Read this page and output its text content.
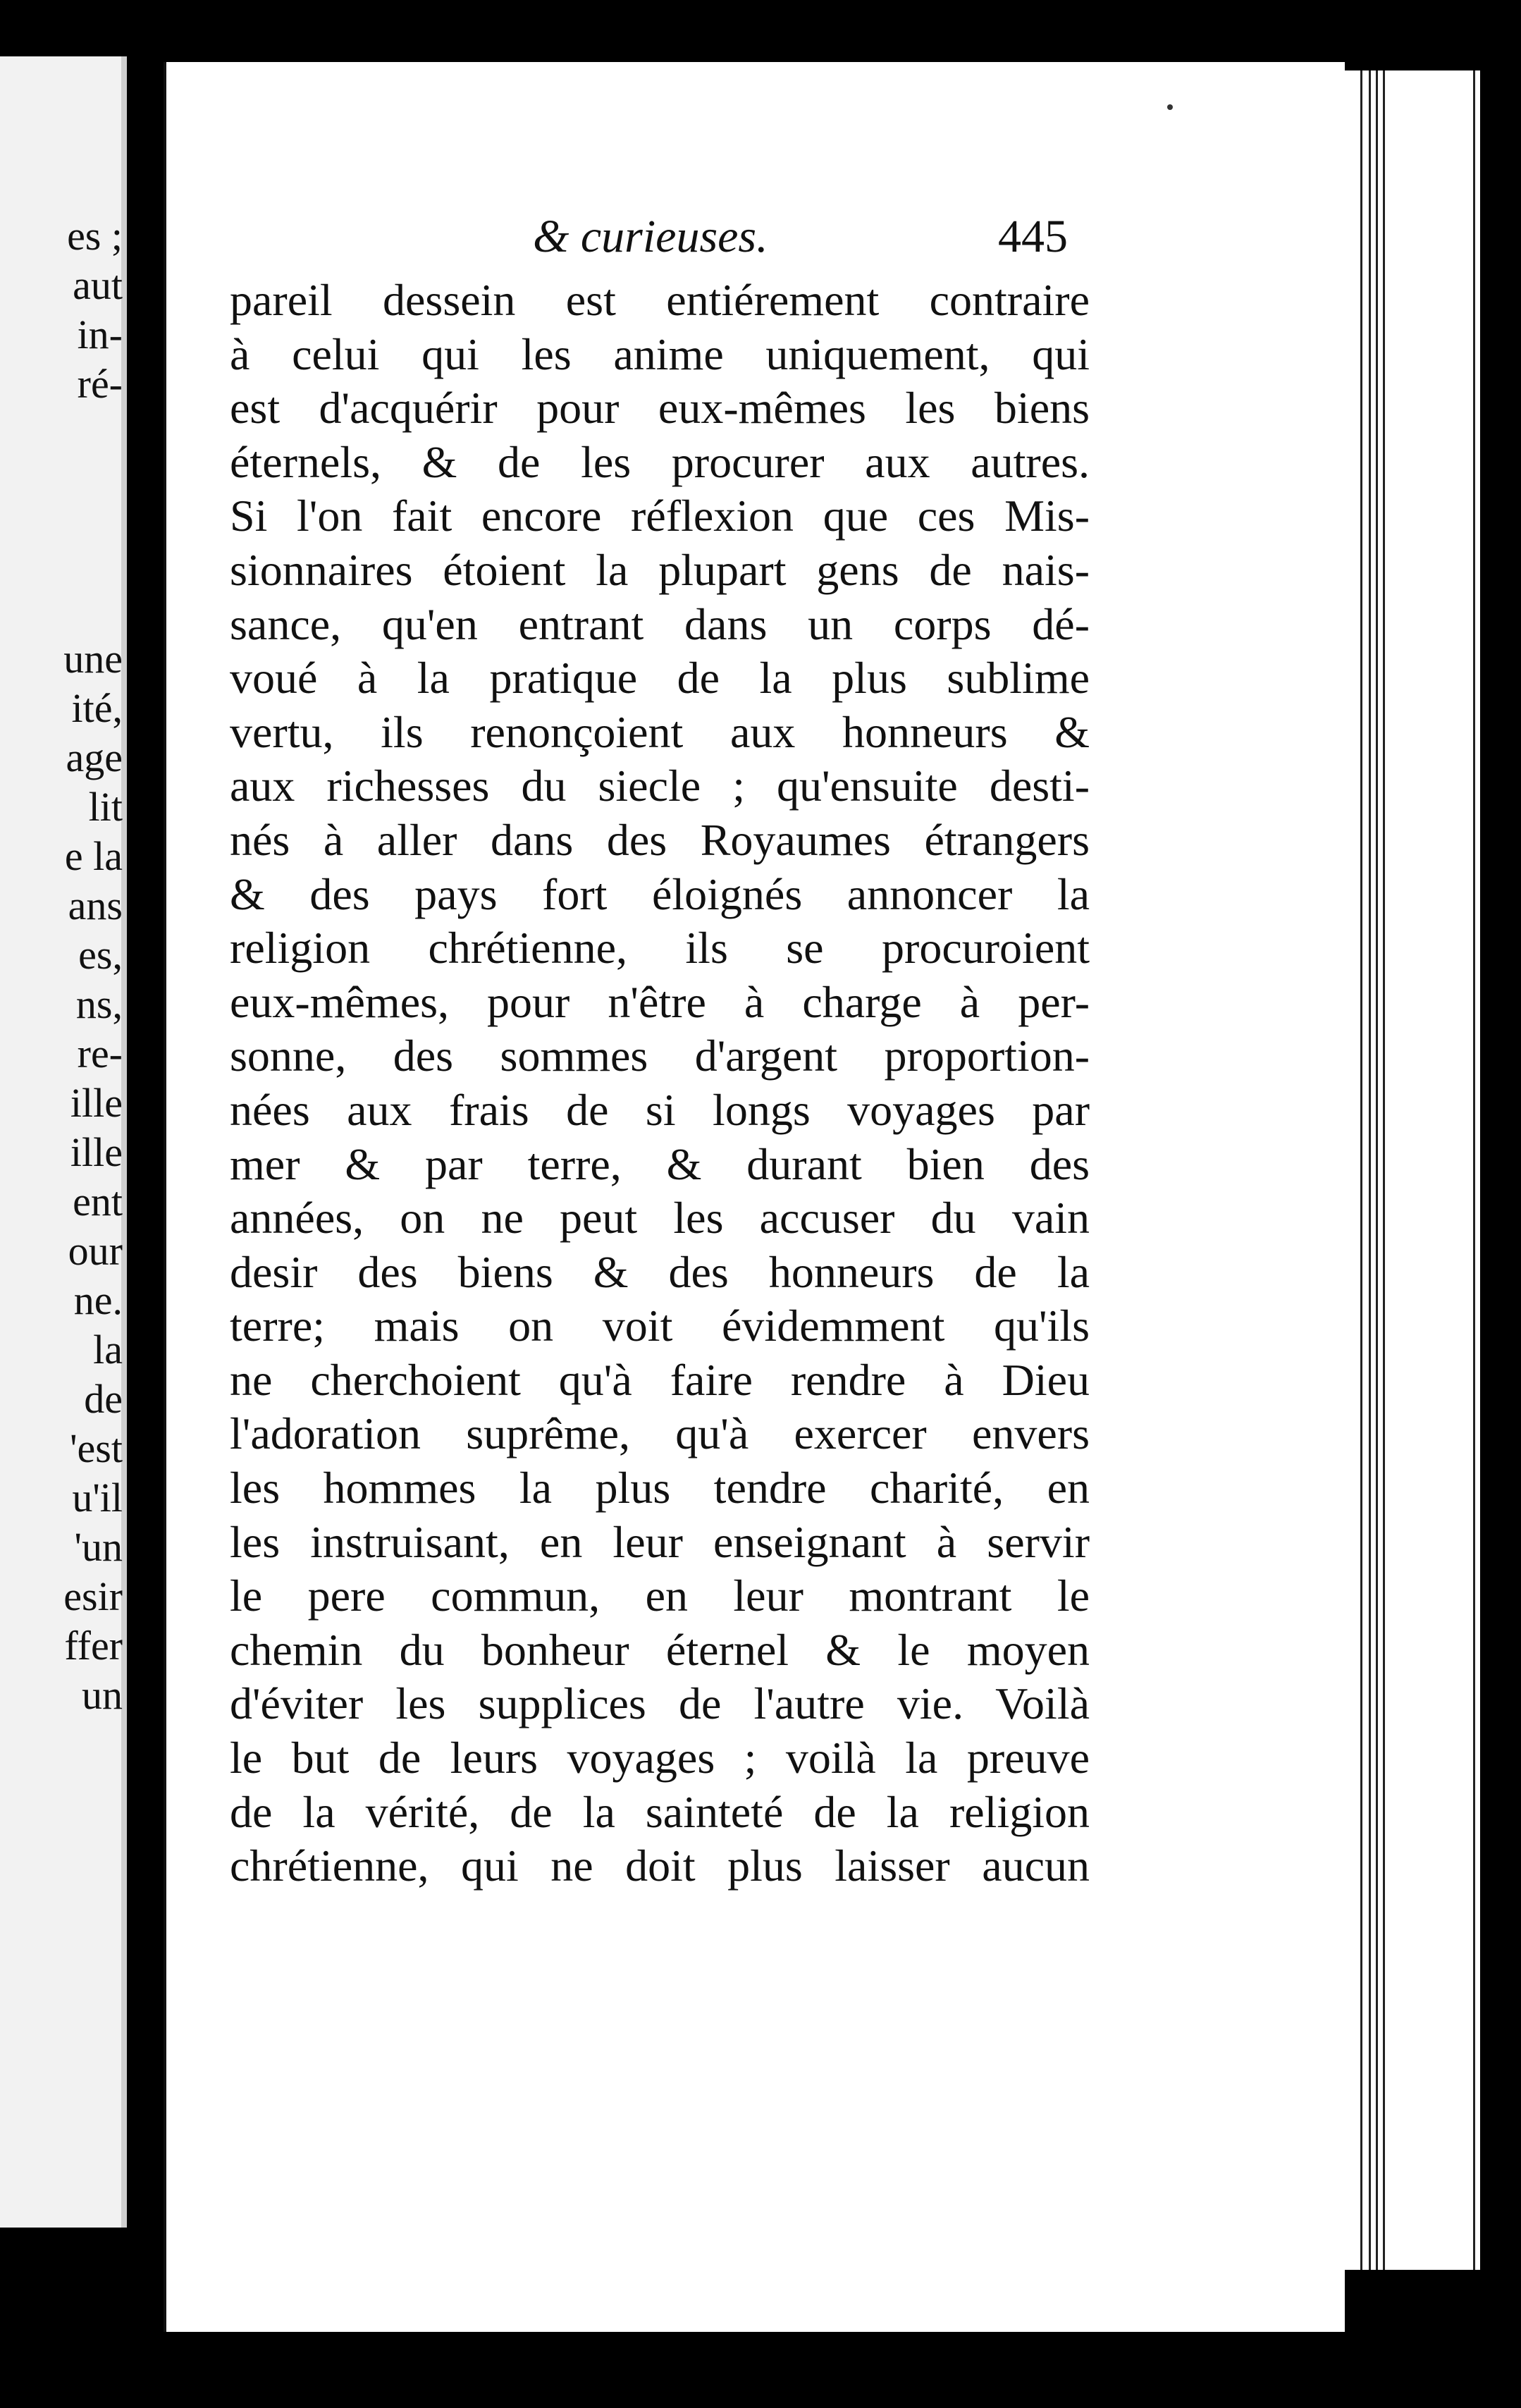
es ;
aut
in-
ré-
une
ité,
age
lit
e la
ans
es,
ns,
re-
ille
ille
ent
our
ne.
la
de
'est
u'il
'un
esir
ffer
un
& curieuses.	445
pareil dessein est entiérement contraire
à celui qui les anime uniquement, qui
est d'acquérir pour eux-mêmes les biens
éternels, & de les procurer aux autres.
Si l'on fait encore réflexion que ces Mis-
sionnaires étoient la plupart gens de nais-
sance, qu'en entrant dans un corps dé-
voué à la pratique de la plus sublime
vertu, ils renonçoient aux honneurs &
aux richesses du siecle ; qu'ensuite desti-
nés à aller dans des Royaumes étrangers
& des pays fort éloignés annoncer la
religion chrétienne, ils se procuroient
eux-mêmes, pour n'être à charge à per-
sonne, des sommes d'argent proportion-
nées aux frais de si longs voyages par
mer & par terre, & durant bien des
années, on ne peut les accuser du vain
desir des biens & des honneurs de la
terre; mais on voit évidemment qu'ils
ne cherchoient qu'à faire rendre à Dieu
l'adoration suprême, qu'à exercer envers
les hommes la plus tendre charité, en
les instruisant, en leur enseignant à servir
le pere commun, en leur montrant le
chemin du bonheur éternel & le moyen
d'éviter les supplices de l'autre vie. Voilà
le but de leurs voyages ; voilà la preuve
de la vérité, de la sainteté de la religion
chrétienne, qui ne doit plus laisser aucun
